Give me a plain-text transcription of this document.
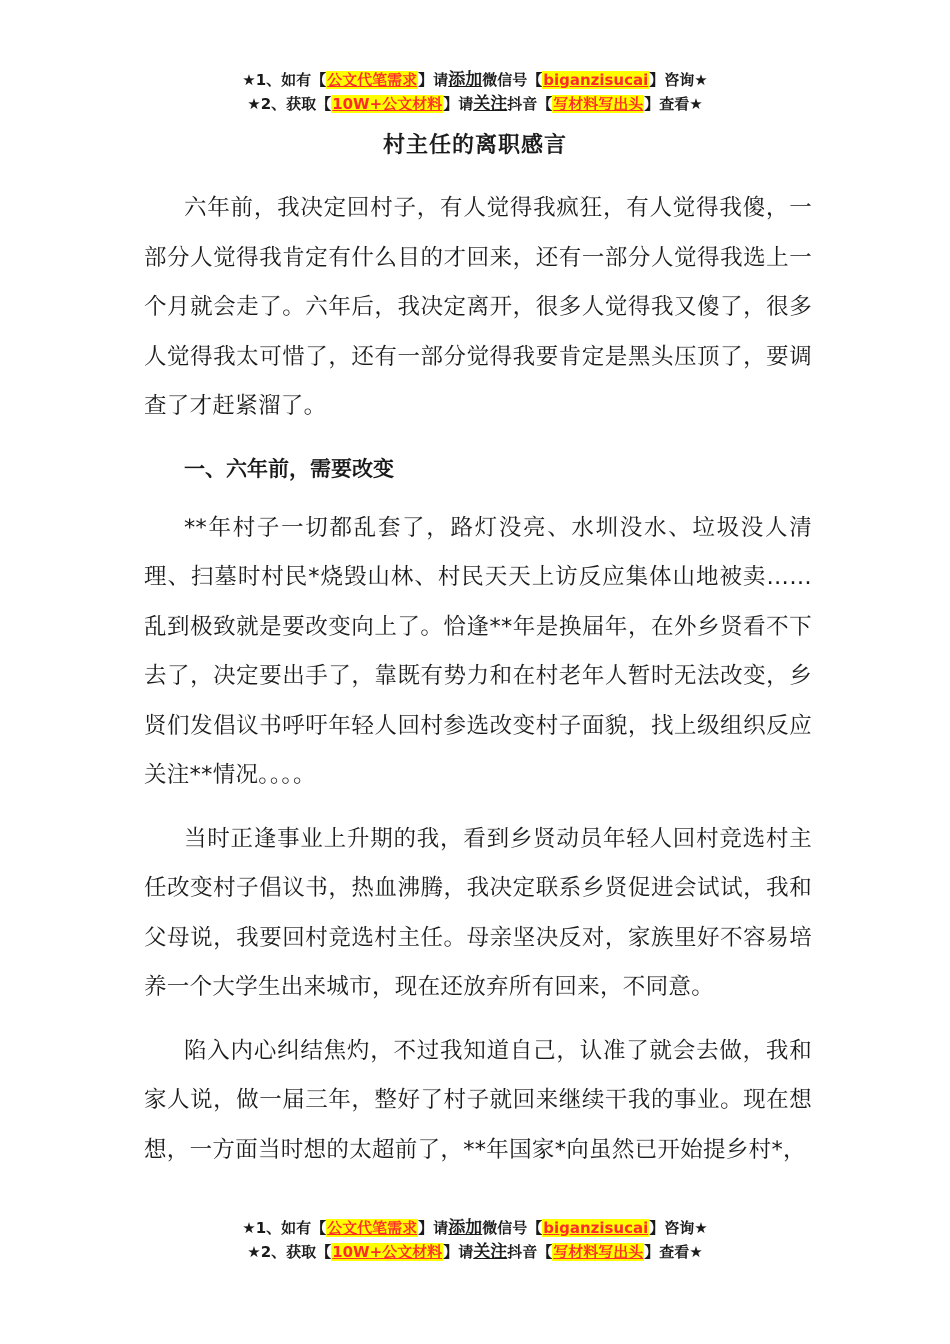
★1、如有【公文代笔需求】请添加微信号【biganzisucai】咨询★
★2、获取【10W+公文材料】请关注抖音【写材料写出头】查看★
村主任的离职感言

六年前，我决定回村子，有人觉得我疯狂，有人觉得我傻，一部分人觉得我肯定有什么目的才回来，还有一部分人觉得我选上一个月就会走了。六年后，我决定离开，很多人觉得我又傻了，很多人觉得我太可惜了，还有一部分觉得我要肯定是黑头压顶了，要调查了才赶紧溜了。

一、六年前，需要改变

**年村子一切都乱套了，路灯没亮、水圳没水、垃圾没人清理、扫墓时村民*烧毁山林、村民天天上访反应集体山地被卖……乱到极致就是要改变向上了。恰逢**年是换届年，在外乡贤看不下去了，决定要出手了，靠既有势力和在村老年人暂时无法改变，乡贤们发倡议书呼吁年轻人回村参选改变村子面貌，找上级组织反应关注**情况。。。。

当时正逢事业上升期的我，看到乡贤动员年轻人回村竞选村主任改变村子倡议书，热血沸腾，我决定联系乡贤促进会试试，我和父母说，我要回村竞选村主任。母亲坚决反对，家族里好不容易培养一个大学生出来城市，现在还放弃所有回来，不同意。

陷入内心纠结焦灼，不过我知道自己，认准了就会去做，我和家人说，做一届三年，整好了村子就回来继续干我的事业。现在想想，一方面当时想的太超前了，**年国家*向虽然已开始提乡村*，

★1、如有【公文代笔需求】请添加微信号【biganzisucai】咨询★
★2、获取【10W+公文材料】请关注抖音【写材料写出头】查看★
